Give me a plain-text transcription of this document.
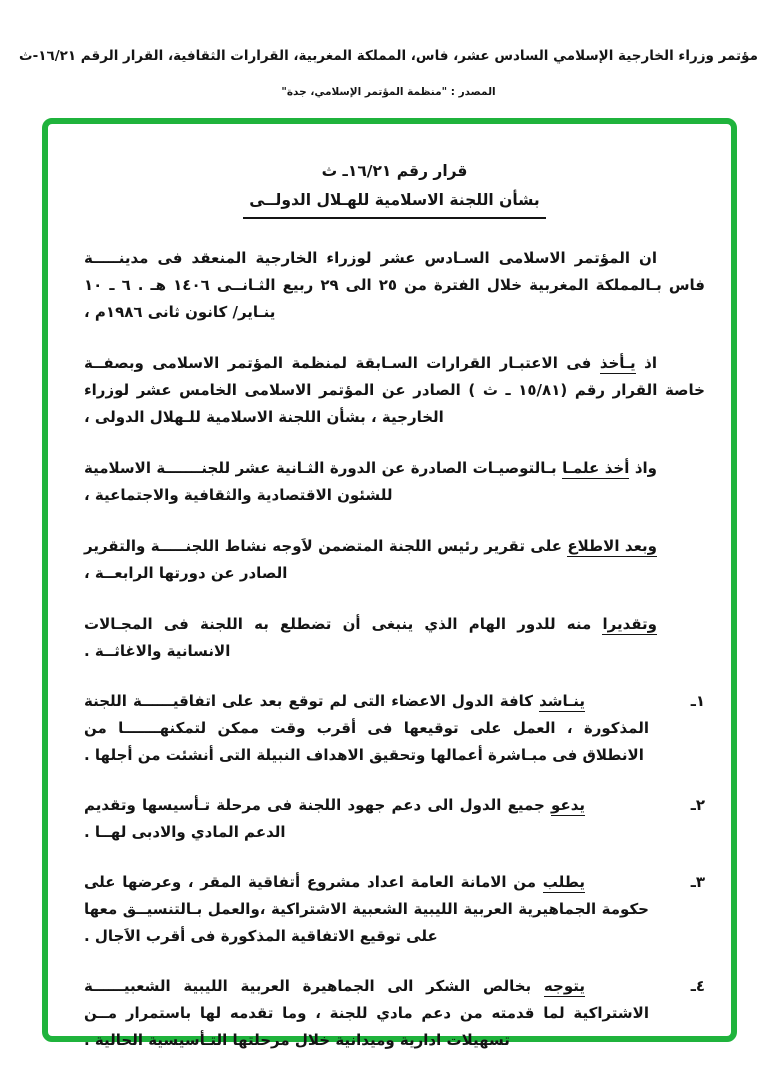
مؤتمر وزراء الخارجية الإسلامي السادس عشر، فاس، المملكة المغربية، القرارات الثقافية، القرار الرقم ١٦/٢١-ث
المصدر : "منظمة المؤتمر الإسلامي، جدة"
قرار رقم ١٦/٢١ـ ث
بشأن اللجنة الاسلامية للهـلال الدولــى

ان المؤتمر الاسلامى السـادس عشر لوزراء الخارجية المنعقد فى مدينـــــة فاس بـالمملكة المغربية خلال الفترة من ٢٥ الى ٢٩ ربيع الثـانــى ١٤٠٦ هـ . ٦ ـ ١٠ ينـاير/ كانون ثانى ١٩٨٦م ،

اذ يـأخذ فى الاعتبـار القرارات السـابقة لمنظمة المؤتمر الاسلامى وبصفــة خاصة القرار رقم (١٥/٨١ ـ ث ) الصادر عن المؤتمر الاسلامى الخامس عشر لوزراء الخارجية ، بشأن اللجنة الاسلامية للـهلال الدولى ،

واذ أخذ علمـا بـالتوصيـات الصادرة عن الدورة الثـانية عشر للجنـــــــة الاسلامية للشئون الاقتصادية والثقافية والاجتماعية ،

وبعد الاطلاع على تقرير رئيس اللجنة المتضمن لاَوجه نشاط اللجنـــــة والتقرير الصادر عن دورتها الرابعــة ،

وتقديرا منه للدور الهام الذي ينبغى أن تضطلع به اللجنة فى المجـالات الانسانية والاغاثــة .

١ـ
ينـاشد كافة الدول الاعضاء التى لم توقع بعد على اتفاقيــــــة اللجنة المذكورة ، العمل على توقيعها فى أقرب وقت ممكن لتمكنهـــــــا من الانطلاق فى مبـاشرة أعمالها وتحقيق الاهداف النبيلة التى أنشئت من أجلها .
٢ـ
يدعو جميع الدول الى دعم جهود اللجنة فى مرحلة تـأسيسها وتقديم الدعم المادي والادبى لهــا .
٣ـ
يطلب من الامانة العامة اعداد مشروع أتفاقية المقر ، وعرضها على حكومة الجماهيرية العربية الليبية الشعبية الاشتراكية ،والعمل بـالتنسيــق معها على توقيع الاتفاقية المذكورة فى أقرب الاَجال .
٤ـ
يتوجه بخالص الشكر الى الجماهيرة العربية الليبية الشعبيــــــة الاشتراكية لما قدمته من دعم مادي للجنة ، وما تقدمه لها باستمرار مــن تسهيلات ادارية وميدانية خلال مرحلتها التـأسيسية الحالية .
